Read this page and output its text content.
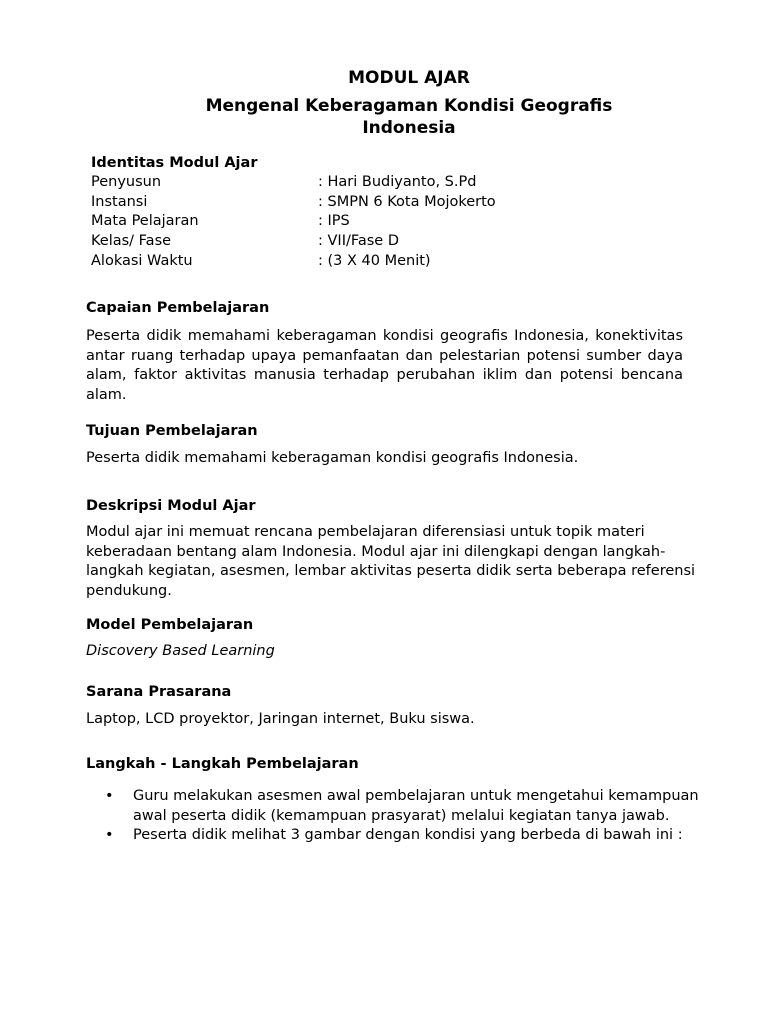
MODUL AJAR
Mengenal Keberagaman Kondisi Geografis
Indonesia

Identitas Modul Ajar

Penyusun	: Hari Budiyanto, S.Pd
Instansi	: SMPN 6 Kota Mojokerto
Mata Pelajaran	: IPS
Kelas/ Fase	: VII/Fase D
Alokasi Waktu	: (3 X 40 Menit)

Capaian Pembelajaran

Peserta didik memahami keberagaman kondisi geografis Indonesia, konektivitas antar ruang terhadap upaya pemanfaatan dan pelestarian potensi sumber daya alam, faktor aktivitas manusia terhadap perubahan iklim dan potensi bencana alam.

Tujuan Pembelajaran

Peserta didik memahami keberagaman kondisi geografis Indonesia.

Deskripsi Modul Ajar

Modul ajar ini memuat rencana pembelajaran diferensiasi untuk topik materi keberadaan bentang alam Indonesia. Modul ajar ini dilengkapi dengan langkah-langkah kegiatan, asesmen, lembar aktivitas peserta didik serta beberapa referensi pendukung.

Model Pembelajaran

Discovery Based Learning

Sarana Prasarana

Laptop, LCD proyektor, Jaringan internet, Buku siswa.

Langkah - Langkah Pembelajaran

• Guru melakukan asesmen awal pembelajaran untuk mengetahui kemampuan awal peserta didik (kemampuan prasyarat) melalui kegiatan tanya jawab.
• Peserta didik melihat 3 gambar dengan kondisi yang berbeda di bawah ini :
